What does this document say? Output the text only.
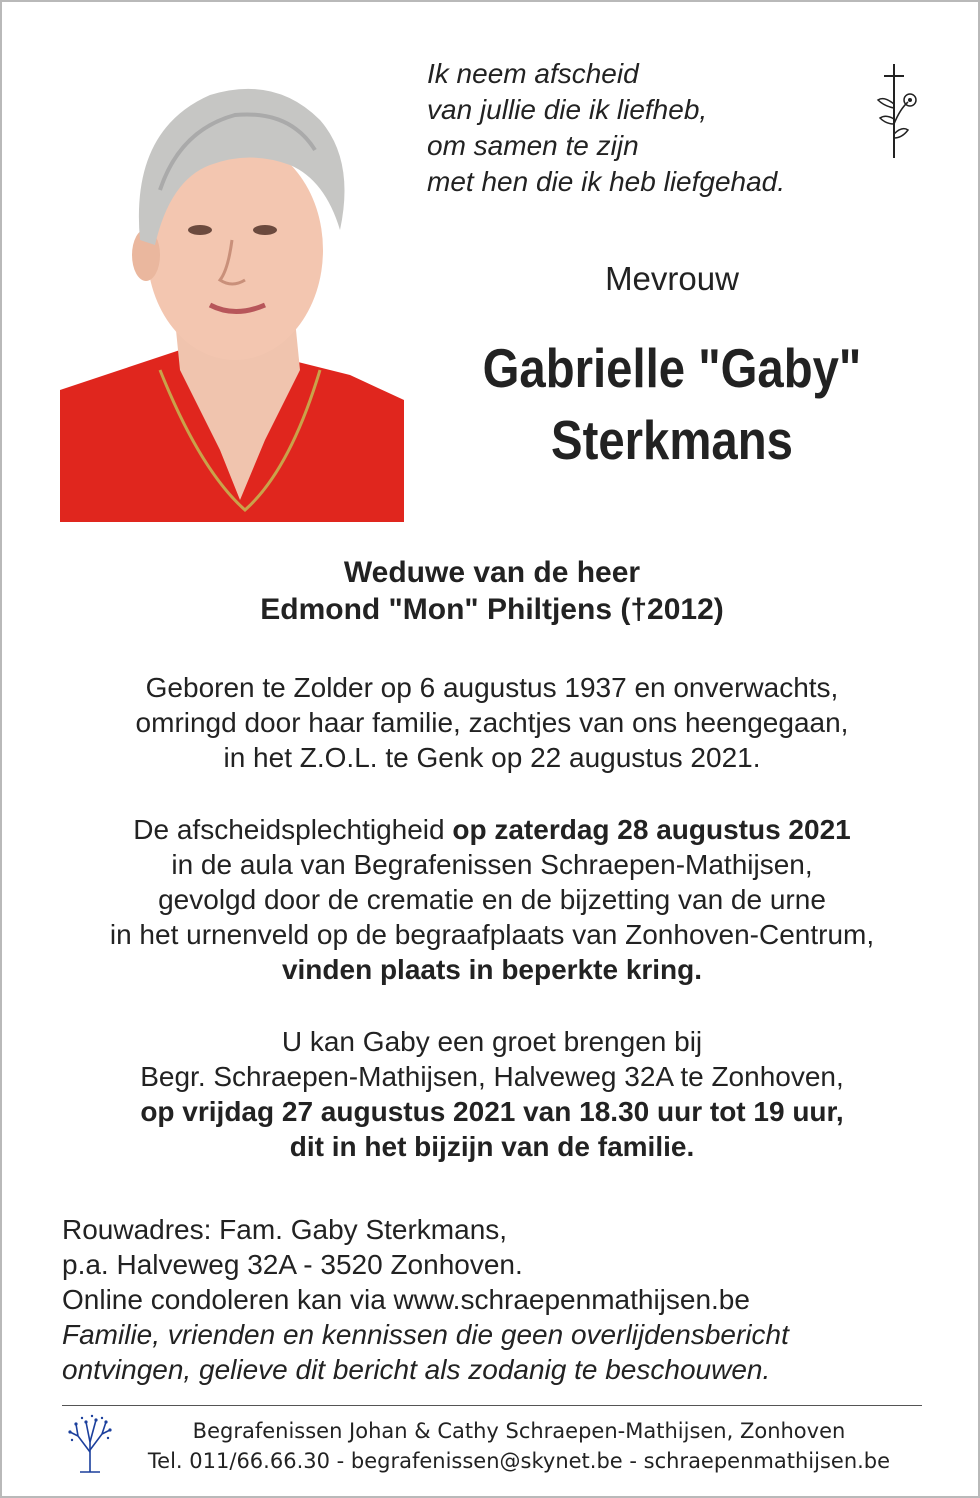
Ik neem afscheid
van jullie die ik liefheb,
om samen te zijn
met hen die ik heb liefgehad.
Mevrouw
Gabrielle "Gaby"
Sterkmans
Weduwe van de heer
Edmond "Mon" Philtjens (†2012)
Geboren te Zolder op 6 augustus 1937 en onverwachts,
omringd door haar familie, zachtjes van ons heengegaan,
in het Z.O.L. te Genk op 22 augustus 2021.
De afscheidsplechtigheid op zaterdag 28 augustus 2021
in de aula van Begrafenissen Schraepen-Mathijsen,
gevolgd door de crematie en de bijzetting van de urne
in het urnenveld op de begraafplaats van Zonhoven-Centrum,
vinden plaats in beperkte kring.
U kan Gaby een groet brengen bij
Begr. Schraepen-Mathijsen, Halveweg 32A te Zonhoven,
op vrijdag 27 augustus 2021 van 18.30 uur tot 19 uur,
dit in het bijzijn van de familie.
Rouwadres: Fam. Gaby Sterkmans,
p.a. Halveweg 32A - 3520 Zonhoven.
Online condoleren kan via www.schraepenmathijsen.be
Familie, vrienden en kennissen die geen overlijdensbericht
ontvingen, gelieve dit bericht als zodanig te beschouwen.
Begrafenissen Johan & Cathy Schraepen-Mathijsen, Zonhoven
Tel. 011/66.66.30 - begrafenissen@skynet.be - schraepenmathijsen.be
